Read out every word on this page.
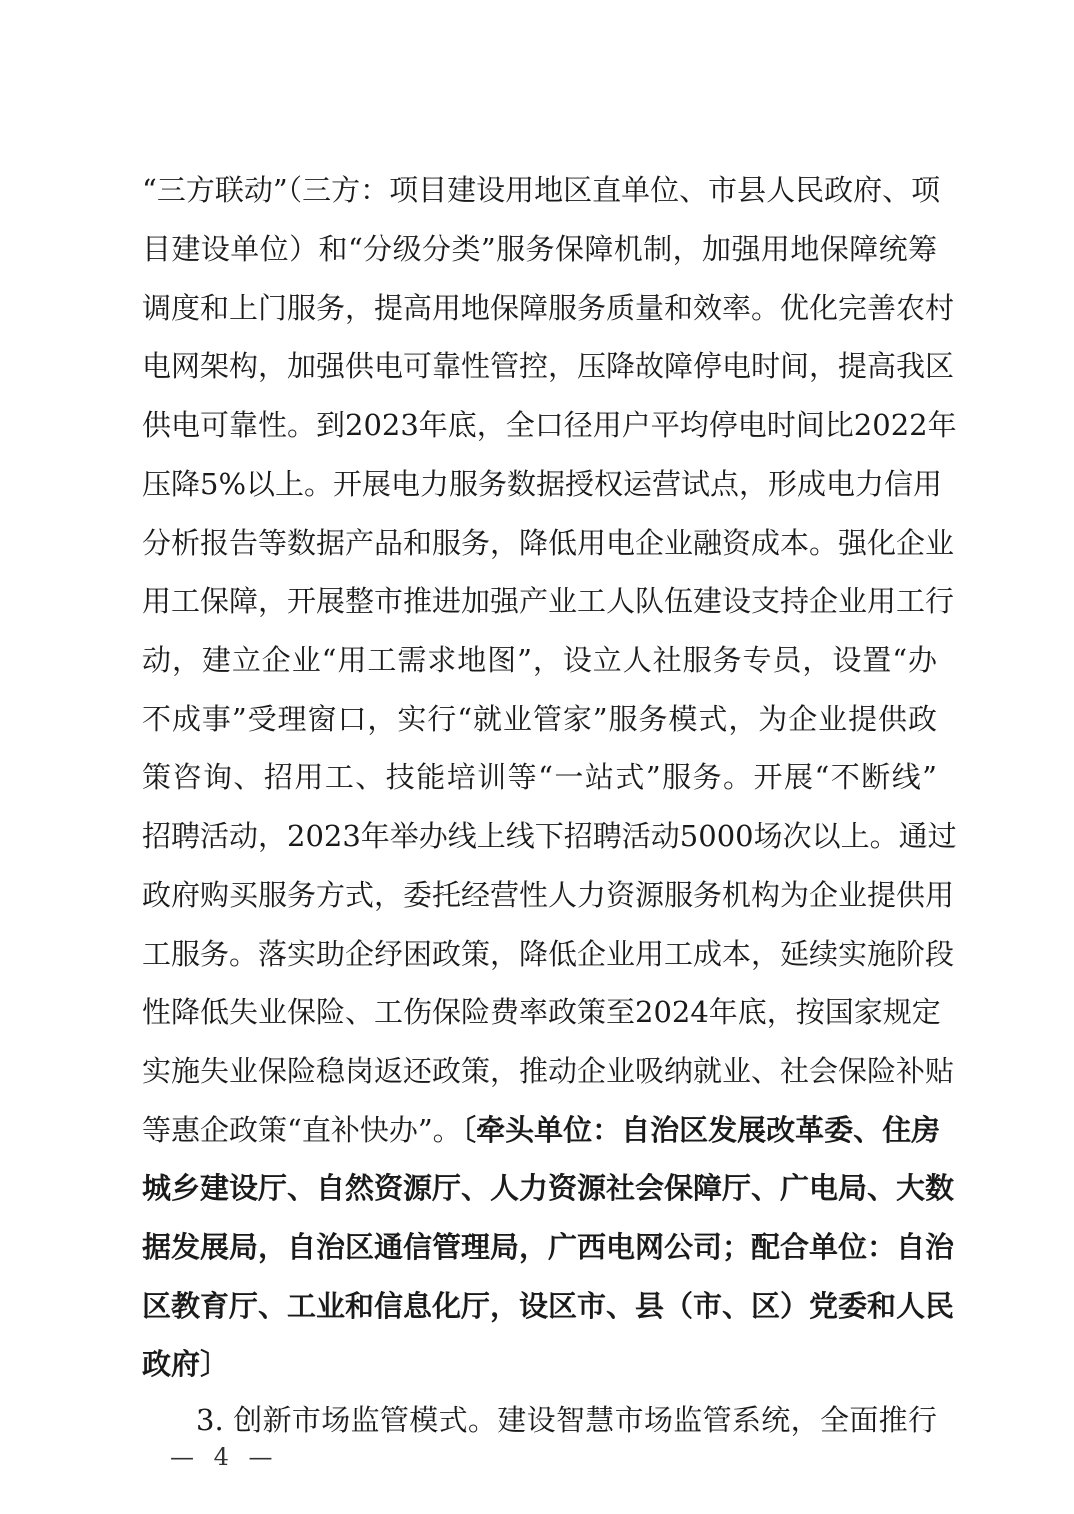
“三方联动”（三方：项目建设用地区直单位、市县人民政府、项
目建设单位）和“分级分类”服务保障机制，加强用地保障统筹
调度和上门服务，提高用地保障服务质量和效率。优化完善农村
电网架构，加强供电可靠性管控，压降故障停电时间，提高我区
供电可靠性。到2023年底，全口径用户平均停电时间比2022年
压降5%以上。开展电力服务数据授权运营试点，形成电力信用
分析报告等数据产品和服务，降低用电企业融资成本。强化企业
用工保障，开展整市推进加强产业工人队伍建设支持企业用工行
动，建立企业“用工需求地图”，设立人社服务专员，设置“办
不成事”受理窗口，实行“就业管家”服务模式，为企业提供政
策咨询、招用工、技能培训等“一站式”服务。开展“不断线”
招聘活动，2023年举办线上线下招聘活动5000场次以上。通过
政府购买服务方式，委托经营性人力资源服务机构为企业提供用
工服务。落实助企纾困政策，降低企业用工成本，延续实施阶段
性降低失业保险、工伤保险费率政策至2024年底，按国家规定
实施失业保险稳岗返还政策，推动企业吸纳就业、社会保险补贴
等惠企政策“直补快办”。〔牵头单位：自治区发展改革委、住房
城乡建设厅、自然资源厅、人力资源社会保障厅、广电局、大数
据发展局，自治区通信管理局，广西电网公司；配合单位：自治
区教育厅、工业和信息化厅，设区市、县（市、区）党委和人民
政府〕
3. 创新市场监管模式。建设智慧市场监管系统，全面推行
— 4 —
